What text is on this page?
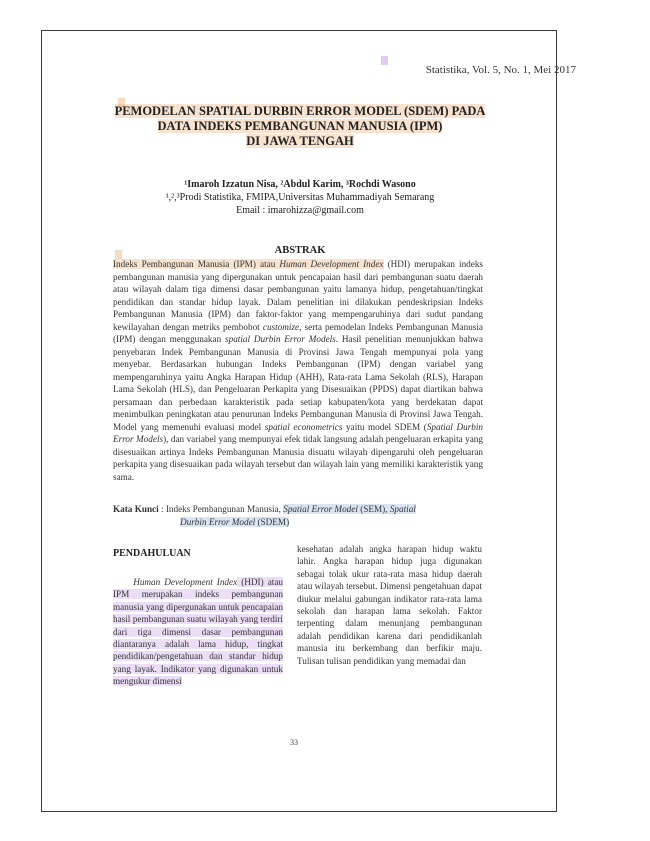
Statistika, Vol. 5, No. 1, Mei 2017
PEMODELAN SPATIAL DURBIN ERROR MODEL (SDEM) PADA
DATA INDEKS PEMBANGUNAN MANUSIA (IPM)
DI JAWA TENGAH
¹Imaroh Izzatun Nisa, ²Abdul Karim, ³Rochdi Wasono
¹,²,³Prodi Statistika, FMIPA,Universitas Muhammadiyah Semarang
Email : imarohizza@gmail.com
ABSTRAK
Indeks Pembangunan Manusia (IPM) atau Human Development Index (HDI) merupakan indeks pembangunan manusia yang dipergunakan untuk pencapaian hasil dari pembangunan suatu daerah atau wilayah dalam tiga dimensi dasar pembangunan yaitu lamanya hidup, pengetahuan/tingkat pendidikan dan standar hidup layak. Dalam penelitian ini dilakukan pendeskripsian Indeks Pembangunan Manusia (IPM) dan faktor-faktor yang mempengaruhinya dari sudut pandang kewilayahan dengan metriks pembobot customize, serta pemodelan Indeks Pembangunan Manusia (IPM) dengan menggunakan spatial Durbin Error Models. Hasil penelitian menunjukkan bahwa penyebaran Indek Pembangunan Manusia di Provinsi Jawa Tengah mempunyai pola yang menyebar. Berdasarkan hubungan Indeks Pembangunan (IPM) dengan variabel yang mempengaruhinya yaitu Angka Harapan Hidup (AHH), Rata-rata Lama Sekolah (RLS), Harapan Lama Sekolah (HLS), dan Pengeluaran Perkapita yang Disesuaikan (PPDS) dapat diartikan bahwa persamaan dan perbedaan karakteristik pada setiap kabupaten/kota yang berdekatan dapat menimbulkan peningkatan atau penurunan Indeks Pembangunan Manusia di Provinsi Jawa Tengah. Model yang memenuhi evaluasi model spatial econometrics yaitu model SDEM (Spatial Durbin Error Models), dan variabel yang mempunyai efek tidak langsung adalah pengeluaran erkapita yang disesuaikan artinya Indeks Pembangunan Manusia disuatu wilayah dipengaruhi oleh pengeluaran perkapita yang disesuaikan pada wilayah tersebut dan wilayah lain yang memiliki karakteristik yang sama.
Kata Kunci : Indeks Pembangunan Manusia, Spatial Error Model (SEM), Spatial
Durbin Error Model (SDEM)
PENDAHULUAN
Human Development Index (HDI) atau IPM merupakan indeks pembangunan manusia yang dipergunakan untuk pencapaian hasil pembangunan suatu wilayah yang terdiri dari tiga dimensi dasar pembangunan diantaranya adalah lama hidup, tingkat pendidikan/pengetahuan dan standar hidup yang layak. Indikator yang digunakan untuk mengukur dimensi
kesehatan adalah angka harapan hidup waktu lahir. Angka harapan hidup juga digunakan sebagai tolak ukur rata-rata masa hidup daerah atau wilayah tersebut. Dimensi pengetahuan dapat diukur melalui gabungan indikator rata-rata lama sekolah dan harapan lama sekolah. Faktor terpenting dalam menunjang pembangunan adalah pendidikan karena dari pendidikanlah manusia itu berkembang dan berfikir maju. Tulisan tulisan pendidikan yang memadai dan
33
